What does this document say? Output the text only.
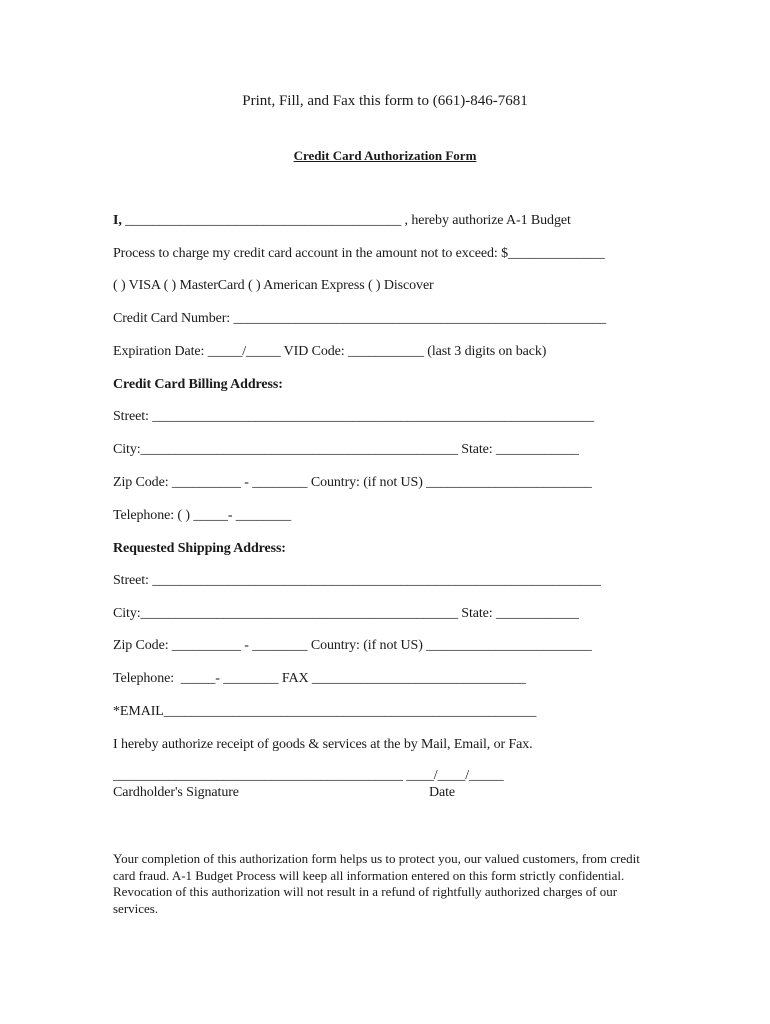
Print, Fill, and Fax this form to (661)-846-7681
Credit Card Authorization Form
I, ________________________________________ , hereby authorize A-1 Budget
Process to charge my credit card account in the amount not to exceed: $______________
( ) VISA ( ) MasterCard ( ) American Express ( ) Discover
Credit Card Number: ______________________________________________________
Expiration Date: _____/_____ VID Code: ___________ (last 3 digits on back)
Credit Card Billing Address:
Street: ________________________________________________________________
City:______________________________________________ State: ____________
Zip Code: __________ - ________ Country: (if not US) ________________________
Telephone: ( ) _____- ________
Requested Shipping Address:
Street: _________________________________________________________________
City:______________________________________________ State: ____________
Zip Code: __________ - ________ Country: (if not US) ________________________
Telephone:  _____- ________ FAX _______________________________
*EMAIL______________________________________________________
I hereby authorize receipt of goods & services at the by Mail, Email, or Fax.
__________________________________________ ____/____/_____
Cardholder's Signature	Date
Your completion of this authorization form helps us to protect you, our valued customers, from credit card fraud. A-1 Budget Process will keep all information entered on this form strictly confidential. Revocation of this authorization will not result in a refund of rightfully authorized charges of our services.
